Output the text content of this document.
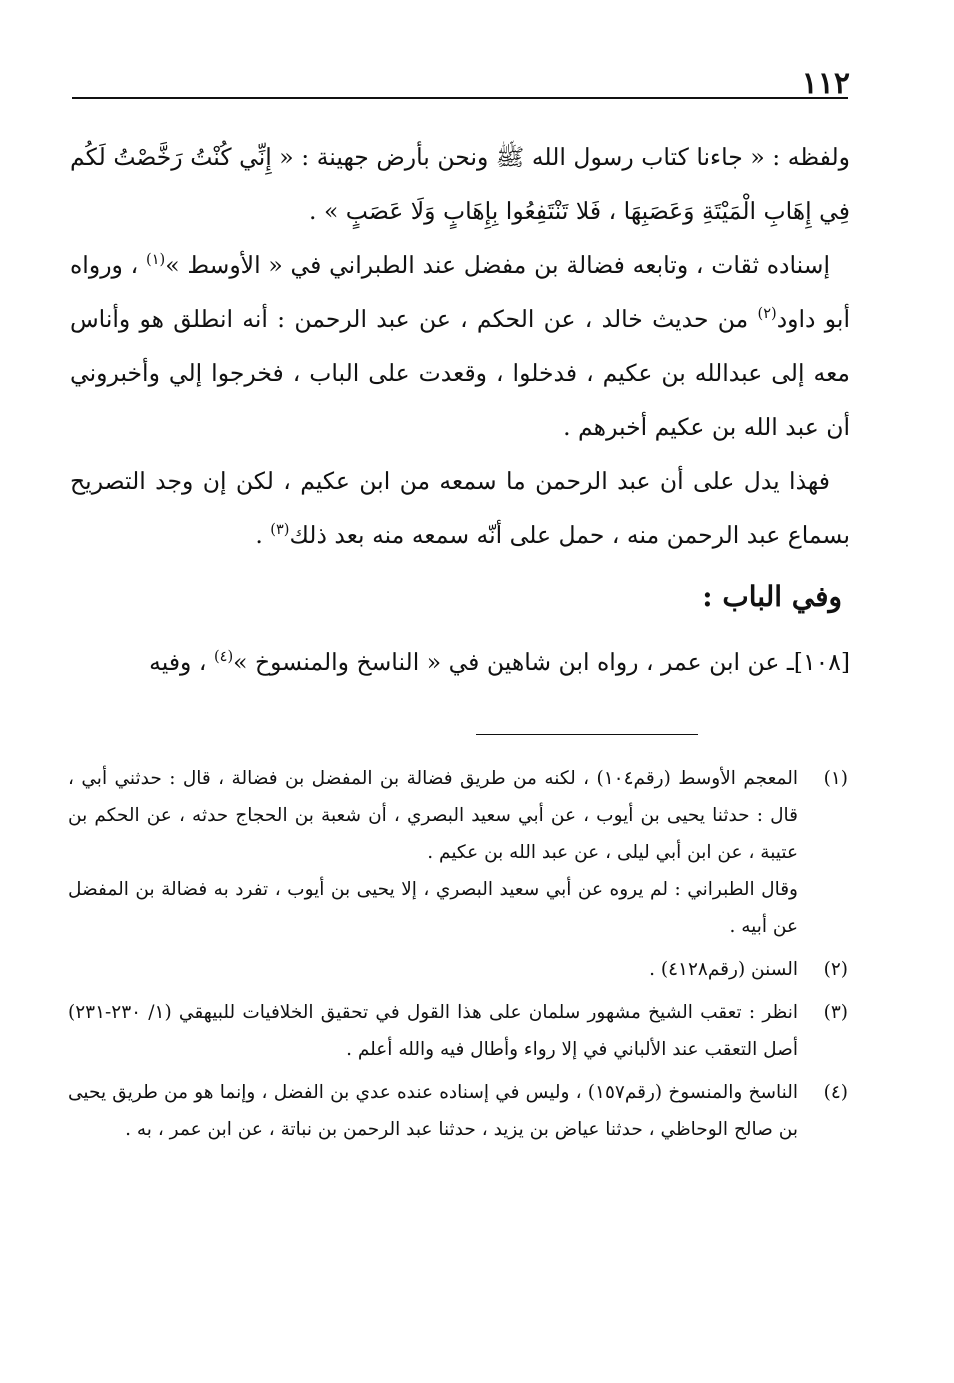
١١٢

ولفظه : « جاءنا كتاب رسول الله ﷺ ونحن بأرض جهينة : « إِنِّي كُنْتُ رَخَّصْتُ لَكُم فِي إِهَابِ الْمَيْتَةِ وَعَصَبِهَا ، فَلا تَنْتَفِعُوا بِإِهَابٍ وَلَا عَصَبٍ » .

إسناده ثقات ، وتابعه فضالة بن مفضل عند الطبراني في « الأوسط »$^{(١)}$ ، ورواه أبو داود$^{(٢)}$ من حديث خالد ، عن الحكم ، عن عبد الرحمن : أنه انطلق هو وأناس معه إلى عبدالله بن عكيم ، فدخلوا ، وقعدت على الباب ، فخرجوا إلي وأخبروني أن عبد الله بن عكيم أخبرهم .

فهذا يدل على أن عبد الرحمن ما سمعه من ابن عكيم ، لكن إن وجد التصريح بسماع عبد الرحمن منه ، حمل على أنّه سمعه منه بعد ذلك$^{(٣)}$ .

وفي الباب :
[١٠٨]ـ عن ابن عمر ، رواه ابن شاهين في « الناسخ والمنسوخ »$^{(٤)}$ ، وفيه
(١)

المعجم الأوسط (رقم١٠٤) ، لكنه من طريق فضالة بن المفضل بن فضالة ، قال : حدثني أبي ، قال : حدثنا يحيى بن أيوب ، عن أبي سعيد البصري ، أن شعبة بن الحجاج حدثه ، عن الحكم بن عتيبة ، عن ابن أبي ليلى ، عن عبد الله بن عكيم .

وقال الطبراني : لم يروه عن أبي سعيد البصري ، إلا يحيى بن أيوب ، تفرد به فضالة بن المفضل عن أبيه .

(٢)

السنن (رقم٤١٢٨) .

(٣)

انظر : تعقب الشيخ مشهور سلمان على هذا القول في تحقيق الخلافيات للبيهقي (١/ ٢٣٠-٢٣١) أصل التعقب عند الألباني في إلا رواء وأطال فيه والله أعلم .

(٤)

الناسخ والمنسوخ (رقم١٥٧) ، وليس في إسناده عنده عدي بن الفضل ، وإنما هو من طريق يحيى بن صالح الوحاظي ، حدثنا عياض بن يزيد ، حدثنا عبد الرحمن بن نباتة ، عن ابن عمر ، به .
